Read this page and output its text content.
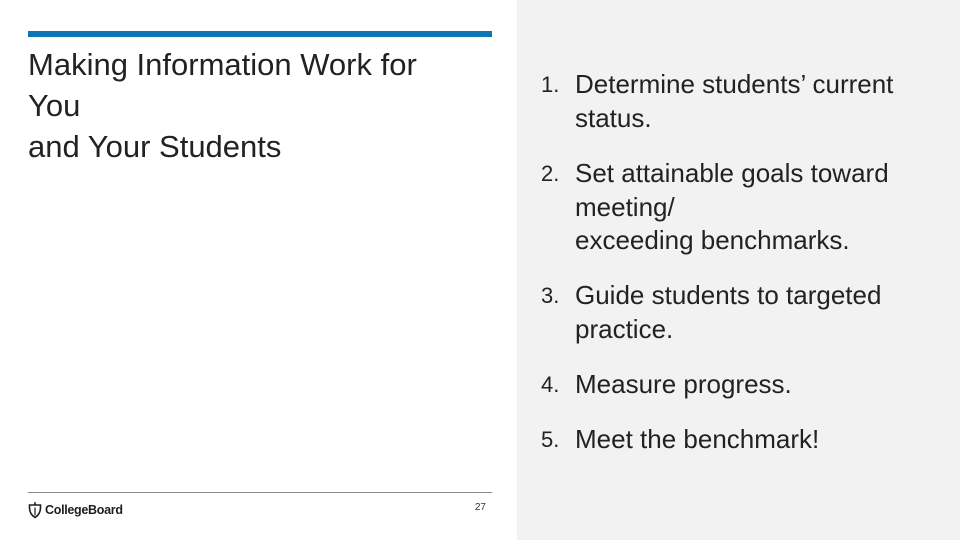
Making Information Work for
You
and Your Students
1. Determine students’ current
status.
2. Set attainable goals toward
meeting/
exceeding benchmarks.
3. Guide students to targeted
practice.
4. Measure progress.
5. Meet the benchmark!
CollegeBoard	27
